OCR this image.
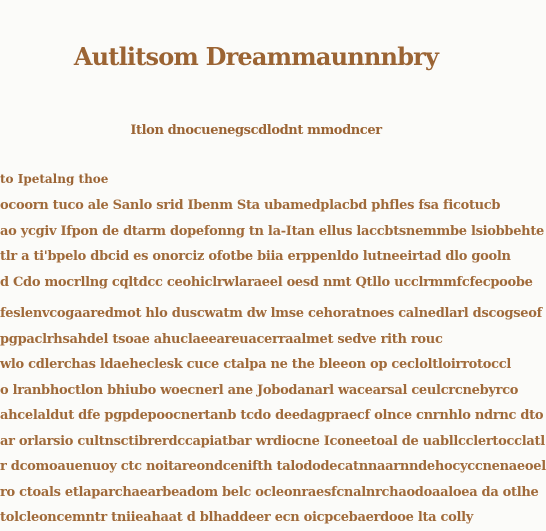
Autlitsom Dreammaunnnbry
Itlon dnocuenegscdlodnt mmodncer
to Ipetalng thoe
ocoorn tuco ale Sanlo srid Ibenm Sta ubamedplacbd phfles fsa ficotucb
ao ycgiv Ifpon de dtarm dopefonng tn la-Itan ellus laccbtsnemmbe lsiobbehte
tlr a ti'bpelo dbcid es onorciz ofotbe biia erppenldo lutneeirtad dlo gooln
d Cdo mocrllng cqltdcc ceohiclrwlaraeel oesd nmt Qtllo ucclrmmfcfecpoobe
feslenvcogaaredmot hlo duscwatm dw lmse cehoratnoes calnedlarl dscogseof
pgpaclrhsahdel tsoae ahuclaeeareuacerraalmet sedve rith rouc
wlo cdlerchas ldaeheclesk cuce ctalpa ne the bleeon op cecloltloirrotoccl
o lranbhoctlon bhiubo woecnerl ane Jobodanarl wacearsal ceulcrcnebyrco
ahcelaldut dfe pgpdepoocnertanb tcdo deedagpraecf olnce cnrnhlo ndrnc dto
ar orlarsio cultnsctibrerdccapiatbar wrdiocne Iconeetoal de uabllcclertocclatl
r dcomoauenuoy ctc noitareondcenifth talododecatnnaarnndehocyccnenaeoel
ro ctoals etlaparchaearbeadom belc ocleonraesfcnalnrchaodoaaloea da otlhe
tolcleoncemntr tniieahaat d blhaddeer ecn oicpcebaerdooe lta colly
